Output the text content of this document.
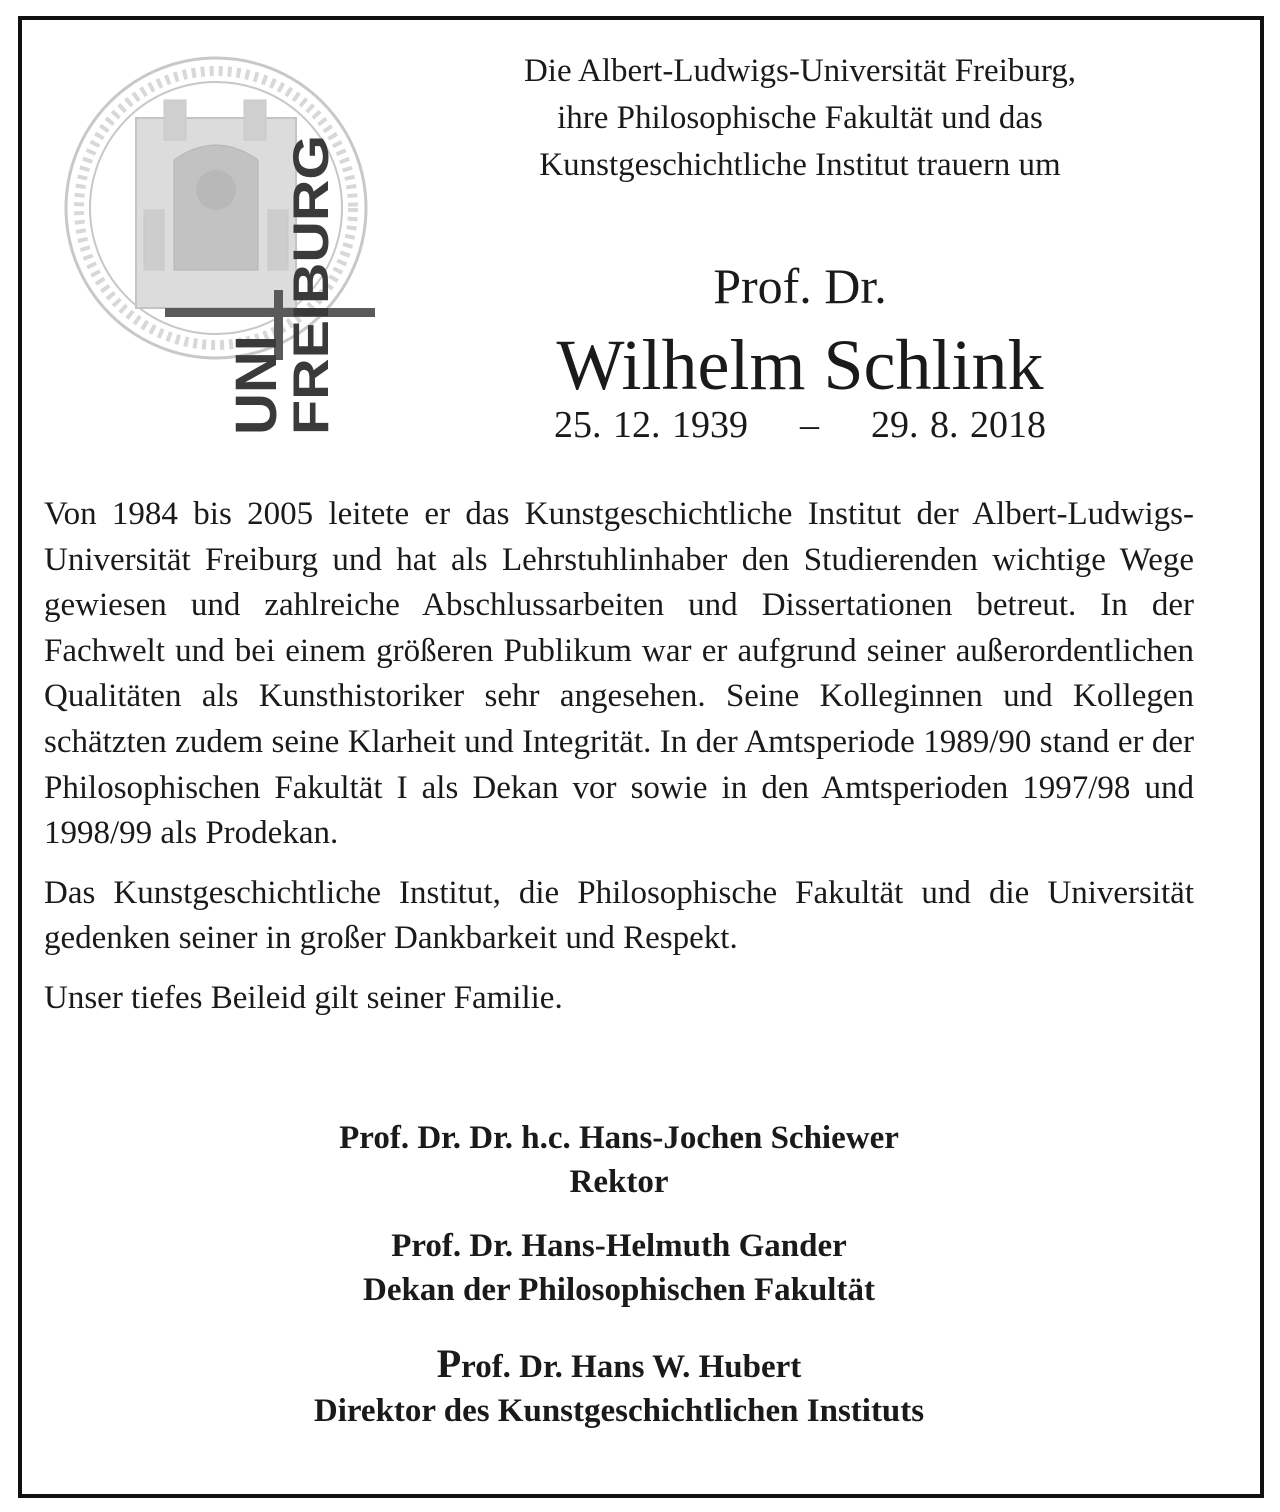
UNI
FREIBURG
Die Albert-Ludwigs-Universität Freiburg,
ihre Philosophische Fakultät und das
Kunstgeschichtliche Institut trauern um
Prof. Dr.
Wilhelm Schlink
25. 12. 1939 – 29. 8. 2018

Von 1984 bis 2005 leitete er das Kunstgeschichtliche Institut der Albert-Ludwigs-Universität Freiburg und hat als Lehrstuhlinhaber den Studierenden wichtige Wege gewiesen und zahlreiche Abschlussarbeiten und Dissertationen betreut. In der Fachwelt und bei einem größeren Publikum war er aufgrund seiner außerordentlichen Qualitäten als Kunsthistoriker sehr angesehen. Seine Kolleginnen und Kollegen schätzten zudem seine Klarheit und Integrität. In der Amtsperiode 1989/90 stand er der Philosophischen Fakultät I als Dekan vor sowie in den Amtsperioden 1997/98 und 1998/99 als Prodekan.

Das Kunstgeschichtliche Institut, die Philosophische Fakultät und die Universität gedenken seiner in großer Dankbarkeit und Respekt.

Unser tiefes Beileid gilt seiner Familie.

Prof. Dr. Dr. h.c. Hans-Jochen Schiewer
Rektor
Prof. Dr. Hans-Helmuth Gander
Dekan der Philosophischen Fakultät
Prof. Dr. Hans W. Hubert
Direktor des Kunstgeschichtlichen Instituts
